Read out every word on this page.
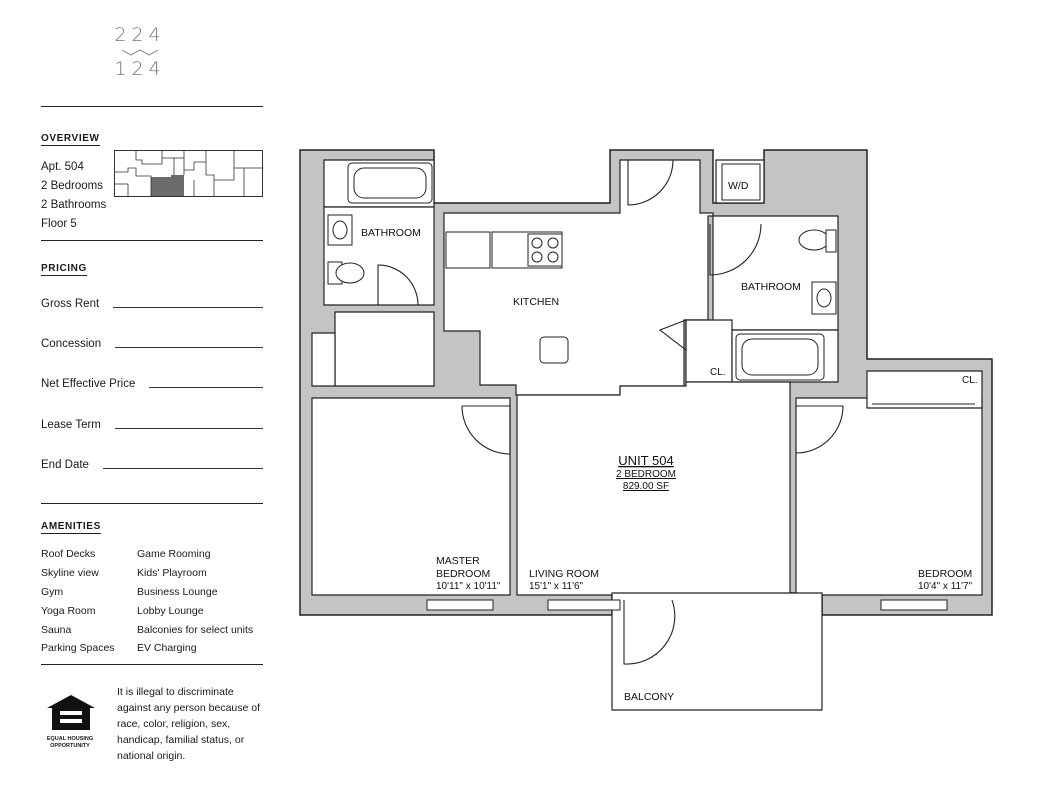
224
124
OVERVIEW
Apt. 504
2 Bedrooms
2 Bathrooms
Floor 5
PRICING
Gross Rent
Concession
Net Effective Price
Lease Term
End Date
AMENITIES
Roof Decks
Skyline view
Gym
Yoga Room
Sauna
Parking Spaces
Game Rooming
Kids' Playroom
Business Lounge
Lobby Lounge
Balconies for select units
EV Charging
EQUAL HOUSING
OPPORTUNITY
It is illegal to discriminate against any person because of race, color, religion, sex, handicap, familial status, or national origin.
BATHROOM
KITCHEN
W/D
BATHROOM
CL.
CL.
UNIT 504
2 BEDROOM
829.00 SF
MASTER
BEDROOM
10'11" x 10'11"
LIVING ROOM
15'1" x 11'6"
BEDROOM
10'4" x 11'7"
BALCONY
